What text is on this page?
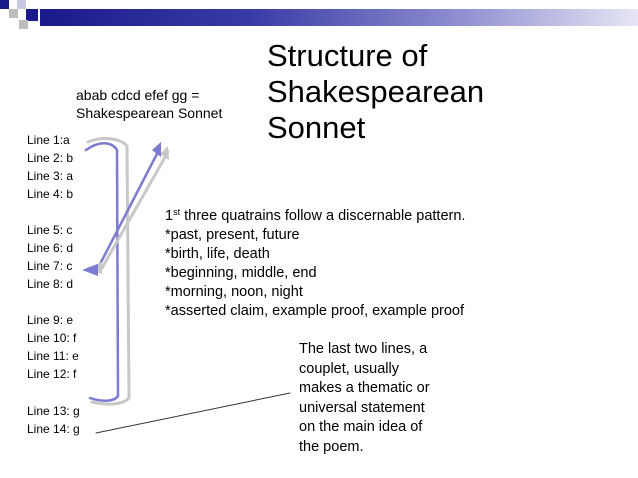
Structure of
Shakespearean
Sonnet
abab cdcd efef gg =
Shakespearean Sonnet
Line 1:a
Line 2: b
Line 3: a
Line 4: b
Line 5: c
Line 6: d
Line 7: c
Line 8: d
Line 9: e
Line 10: f
Line 11: e
Line 12: f
Line 13: g
Line 14: g
1st three quatrains follow a discernable pattern.
*past, present, future
*birth, life, death
*beginning, middle, end
*morning, noon, night
*asserted claim, example proof, example proof
The last two lines, a
couplet, usually
makes a thematic or
universal statement
on the main idea of
the poem.
